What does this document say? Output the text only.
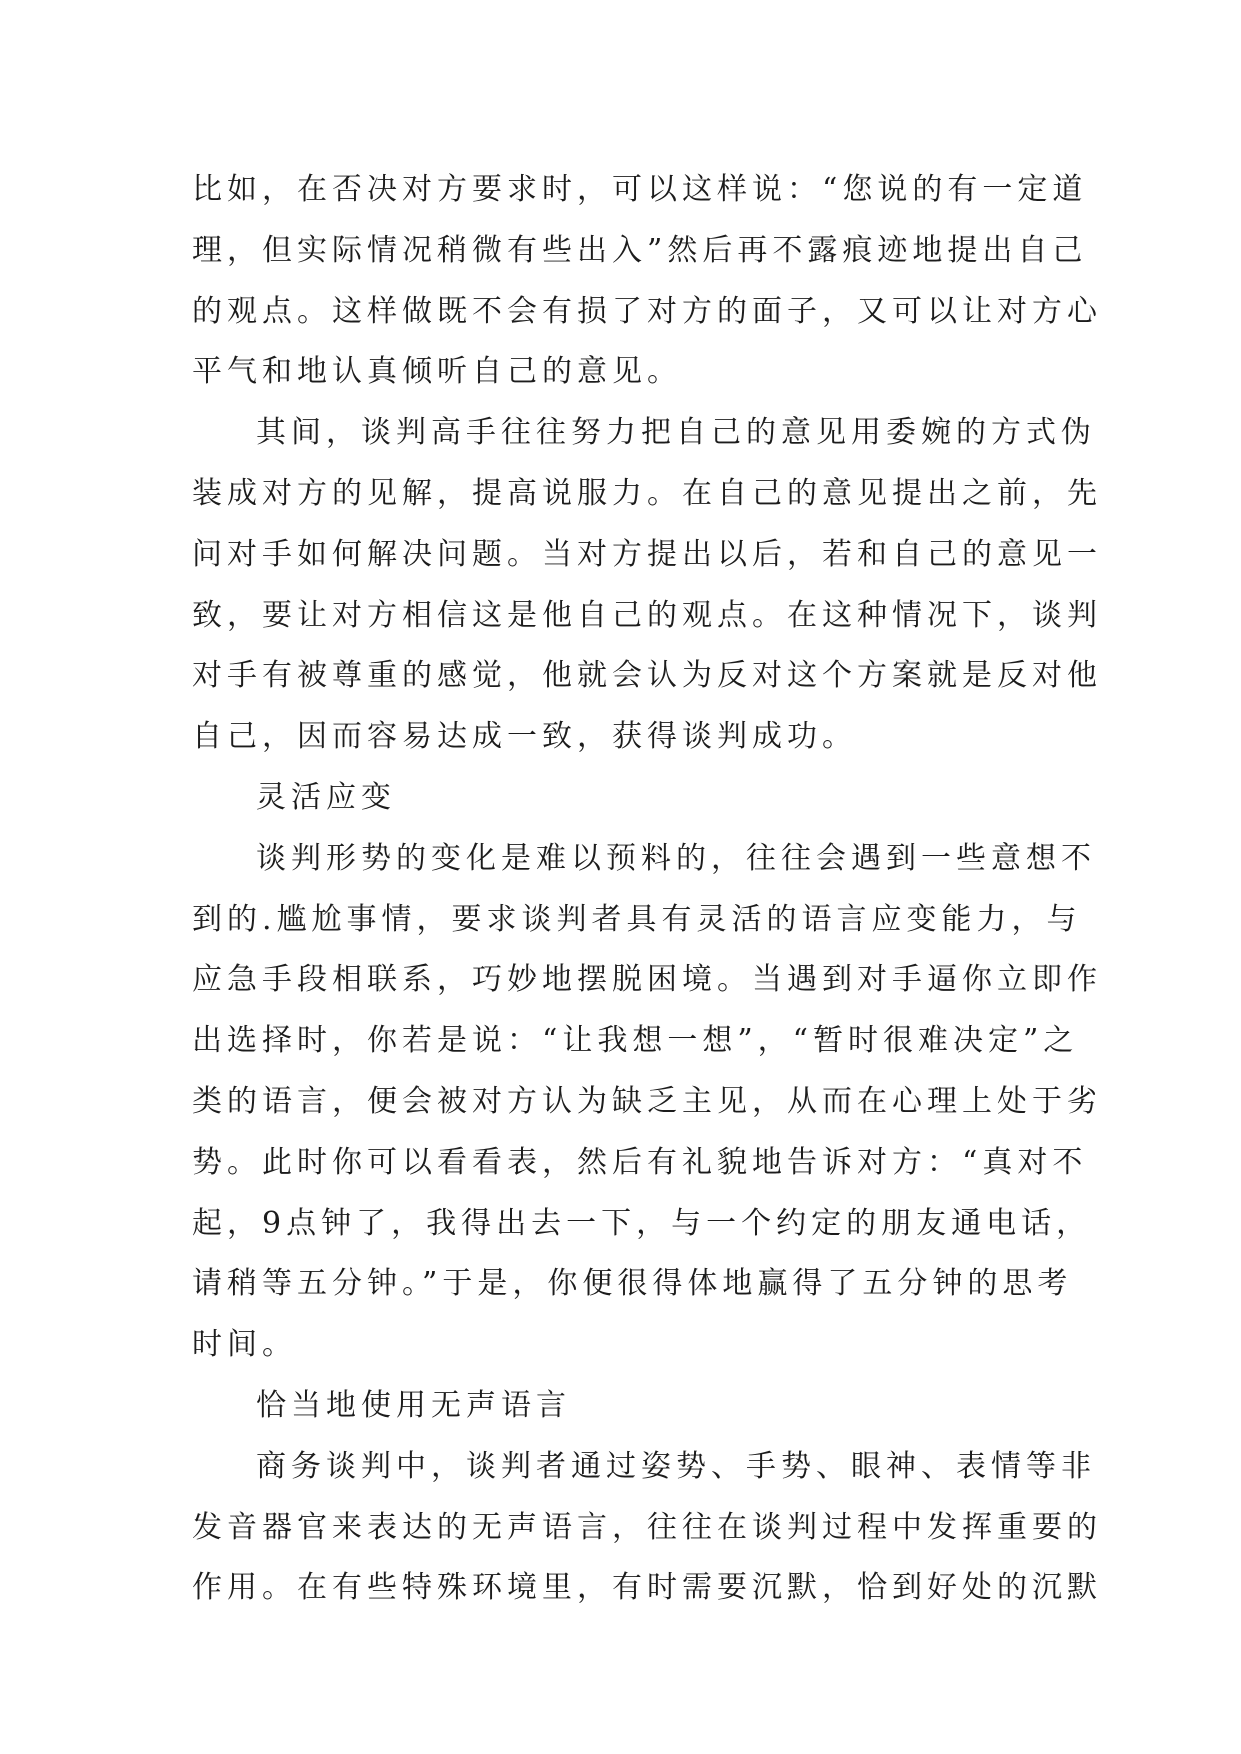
比如，在否决对方要求时，可以这样说：“您说的有一定道
理，但实际情况稍微有些出入”然后再不露痕迹地提出自己
的观点。这样做既不会有损了对方的面子，又可以让对方心
平气和地认真倾听自己的意见。
其间，谈判高手往往努力把自己的意见用委婉的方式伪
装成对方的见解，提高说服力。在自己的意见提出之前，先
问对手如何解决问题。当对方提出以后，若和自己的意见一
致，要让对方相信这是他自己的观点。在这种情况下，谈判
对手有被尊重的感觉，他就会认为反对这个方案就是反对他
自己，因而容易达成一致，获得谈判成功。
灵活应变
谈判形势的变化是难以预料的，往往会遇到一些意想不
到的.尴尬事情，要求谈判者具有灵活的语言应变能力，与
应急手段相联系，巧妙地摆脱困境。当遇到对手逼你立即作
出选择时，你若是说：“让我想一想”，“暂时很难决定”之
类的语言，便会被对方认为缺乏主见，从而在心理上处于劣
势。此时你可以看看表，然后有礼貌地告诉对方：“真对不
起，9点钟了，我得出去一下，与一个约定的朋友通电话，
请稍等五分钟。”于是，你便很得体地赢得了五分钟的思考
时间。
恰当地使用无声语言
商务谈判中，谈判者通过姿势、手势、眼神、表情等非
发音器官来表达的无声语言，往往在谈判过程中发挥重要的
作用。在有些特殊环境里，有时需要沉默，恰到好处的沉默
